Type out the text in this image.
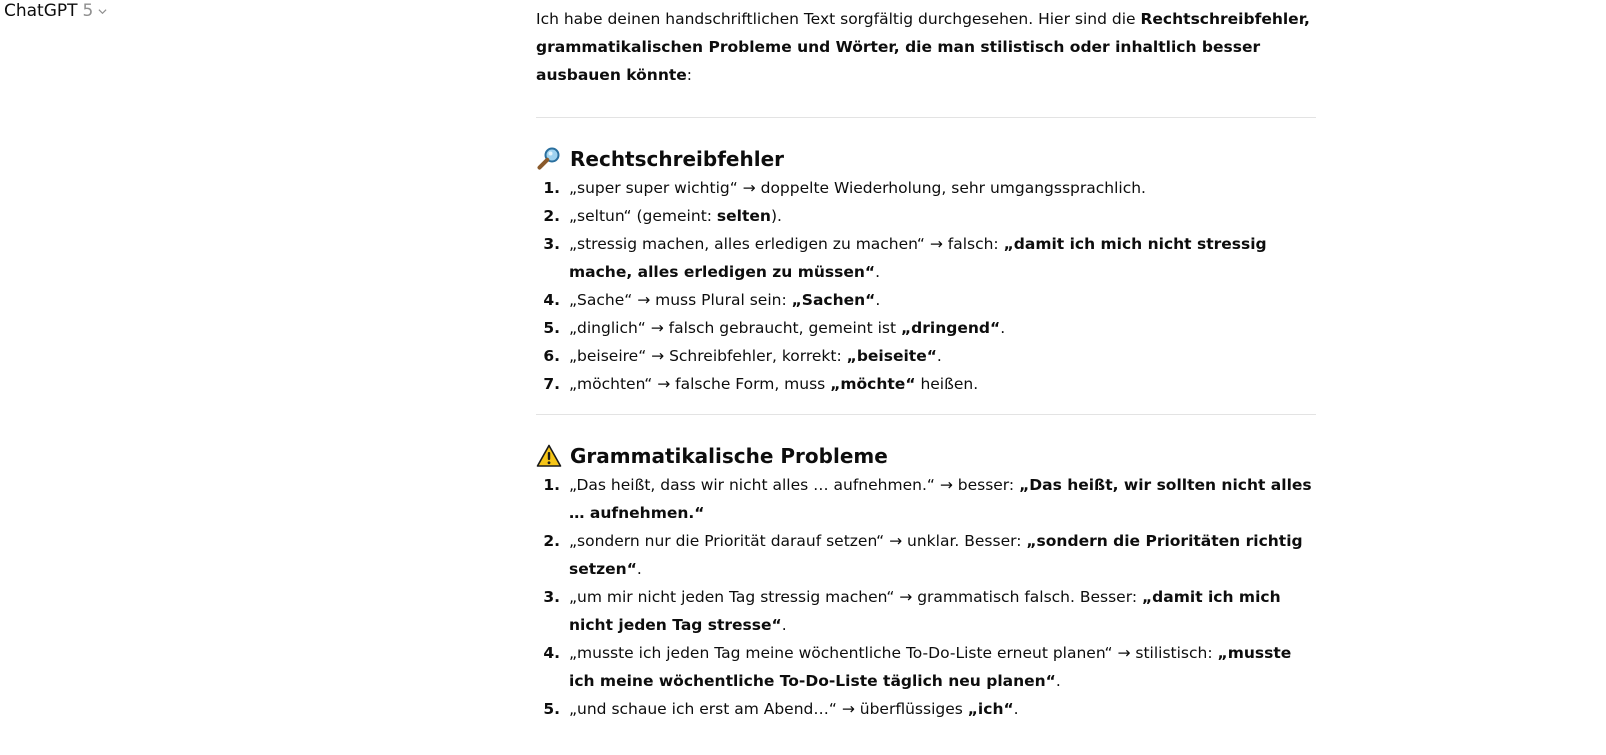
ChatGPT 5	Ich habe deinen handschriftlichen Text sorgfältig durchgesehen. Hier sind die Rechtschreibfehler, grammatikalischen Probleme und Wörter, die man stilistisch oder inhaltlich besser ausbauen könnte:

Rechtschreibfehler
1. „super super wichtig“ → doppelte Wiederholung, sehr umgangssprachlich.
2. „seltun“ (gemeint: selten).
3. „stressig machen, alles erledigen zu machen“ → falsch: „damit ich mich nicht stressig mache, alles erledigen zu müssen“.
4. „Sache“ → muss Plural sein: „Sachen“.
5. „dinglich“ → falsch gebraucht, gemeint ist „dringend“.
6. „beiseire“ → Schreibfehler, korrekt: „beiseite“.
7. „möchten“ → falsche Form, muss „möchte“ heißen.
Grammatikalische Probleme
1. „Das heißt, dass wir nicht alles … aufnehmen.“ → besser: „Das heißt, wir sollten nicht alles … aufnehmen.“
2. „sondern nur die Priorität darauf setzen“ → unklar. Besser: „sondern die Prioritäten richtig setzen“.
3. „um mir nicht jeden Tag stressig machen“ → grammatisch falsch. Besser: „damit ich mich nicht jeden Tag stresse“.
4. „musste ich jeden Tag meine wöchentliche To-Do-Liste erneut planen“ → stilistisch: „musste ich meine wöchentliche To-Do-Liste täglich neu planen“.
5. „und schaue ich erst am Abend…“ → überflüssiges „ich“.
